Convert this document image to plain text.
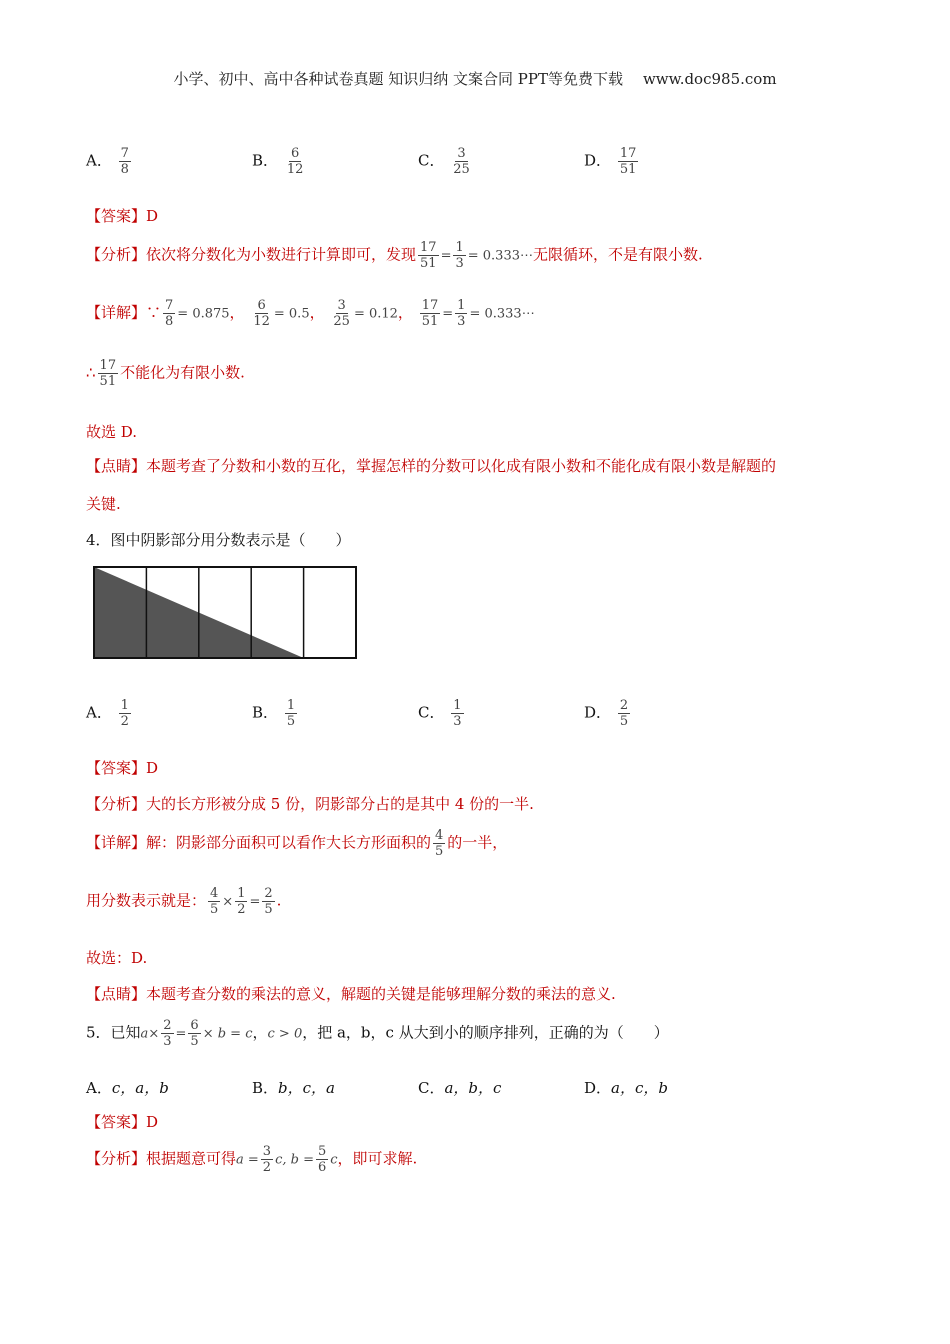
小学、初中、高中各种试卷真题 知识归纳 文案合同 PPT等免费下载 www.doc985.com
A． $\frac{7}{8}$	B． $\frac{6}{12}$	C． $\frac{3}{25}$	D． $\frac{17}{51}$
【答案】D
【分析】依次将分数化为小数进行计算即可，发现 $\frac{17}{51} = \frac{1}{3}$ = 0.333⋯无限循环，不是有限小数.
【详解】∵ $\frac{7}{8} = 0.875$， $\frac{6}{12} = 0.5$， $\frac{3}{25} = 0.12$， $\frac{17}{51} = \frac{1}{3}$ = 0.333⋯
∴ $\frac{17}{51}$ 不能化为有限小数.
故选 D.
【点睛】本题考查了分数和小数的互化，掌握怎样的分数可以化成有限小数和不能化成有限小数是解题的
关键.
4．图中阴影部分用分数表示是（　　）
A． $\frac{1}{2}$	B． $\frac{1}{5}$	C． $\frac{1}{3}$	D． $\frac{2}{5}$
【答案】D
【分析】大的长方形被分成 5 份，阴影部分占的是其中 4 份的一半.
【详解】解：阴影部分面积可以看作大长方形面积的 $\frac{4}{5}$ 的一半，
用分数表示就是： $\frac{4}{5} \times \frac{1}{2} = \frac{2}{5}$ .
故选：D.
【点睛】本题考查分数的乘法的意义，解题的关键是能够理解分数的乘法的意义.
5．已知$a\times \frac{2}{3} = \frac{6}{5} \times b = c$，c > 0，把 a，b，c 从大到小的顺序排列，正确的为（　　）
A．c，a，b	B．b，c，a	C．a，b，c	D．a，c，b
【答案】D
【分析】根据题意可得$a = \frac{3}{2} c$, $b = \frac{5}{6}$ c，即可求解.
